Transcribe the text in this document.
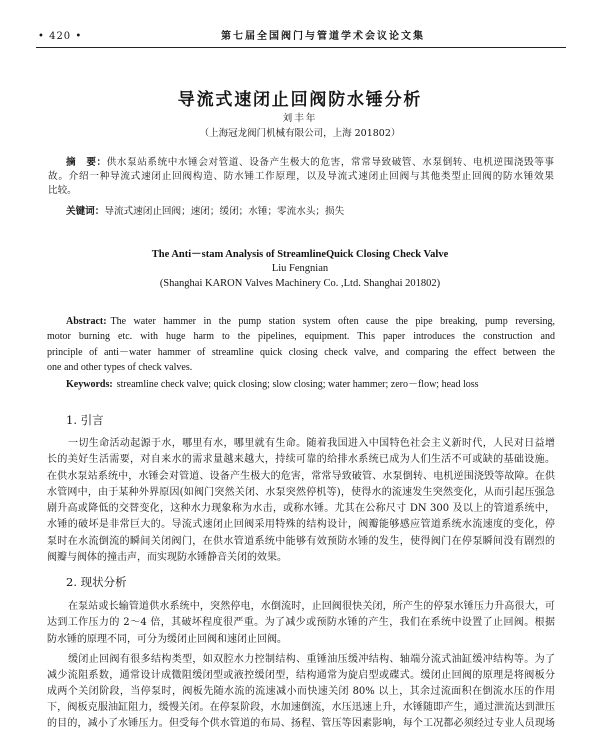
• 420 •	第七届全国阀门与管道学术会议论文集
导流式速闭止回阀防水锤分析
刘丰年
（上海冠龙阀门机械有限公司，上海 201802）
摘　要：供水泵站系统中水锤会对管道、设备产生极大的危害，常常导致破管、水泵倒转、电机逆围浇毁等事
故。介绍一种导流式速闭止回阀构造、防水锤工作原理，以及导流式速闭止回阀与其他类型止回阀的防水锤效果
比较。
关键词：导流式速闭止回阀；速闭；缓闭；水锤；零流水头；损失
The Anti－stam Analysis of StreamlineQuick Closing Check Valve
Liu Fengnian
(Shanghai KARON Valves Machinery Co. ,Ltd. Shanghai 201802)
Abstract: The water hammer in the pump station system often cause the pipe breaking, pump reversing,
motor burning etc. with huge harm to the pipelines, equipment. This paper introduces the construction and
principle of anti－water hammer of streamline quick closing check valve, and comparing the effect between the
one and other types of check valves.
Keywords: streamline check valve; quick closing; slow closing; water hammer; zero－flow; head loss
1. 引言
一切生命活动起源于水，哪里有水，哪里就有生命。随着我国进入中国特色社会主义新时代，人民对日益增
长的美好生活需要，对自来水的需求量越来越大，持续可靠的给排水系统已成为人们生活不可或缺的基础设施。
在供水泵站系统中，水锤会对管道、设备产生极大的危害，常常导致破管、水泵倒转、电机逆围浇毁等故障。在供
水管网中，由于某种外界原因(如阀门突然关闭、水泵突然停机等)，使得水的流速发生突然变化，从而引起压强急
剧升高或降低的交替变化，这种水力现象称为水击，或称水锤。尤其在公称尺寸 DN 300 及以上的管道系统中，
水锤的破坏是非常巨大的。导流式速闭止回阀采用特殊的结构设计，阀瓣能够感应管道系统水流速度的变化，停
泵时在水流倒流的瞬间关闭阀门，在供水管道系统中能够有效预防水锤的发生，使得阀门在停泵瞬间没有剧烈的
阀瓣与阀体的撞击声，而实现防水锤静音关闭的效果。
2. 现状分析
在泵站或长输管道供水系统中，突然停电，水倒流时，止回阀很快关闭，所产生的停泵水锤压力升高很大，可
达到工作压力的 2～4 倍，其破坏程度很严重。为了减少或预防水锤的产生，我们在系统中设置了止回阀。根据
防水锤的原理不同，可分为缓闭止回阀和速闭止回阀。
缓闭止回阀有很多结构类型，如双腔水力控制结构、重锤油压缓冲结构、轴端分流式油缸缓冲结构等。为了
减少流阻系数，通常设计成微阻缓闭型或液控缓闭型，结构通常为旋启型或碟式。缓闭止回阀的原理是将阀板分
成两个关闭阶段，当停泵时，阀板先随水流的流速减小而快速关闭 80% 以上，其余过流面积在倒流水压的作用
下，阀板克服油缸阻力，缓慢关闭。在停泵阶段，水加速倒流，水压迅速上升，水锤随即产生，通过泄流达到泄压
的目的，减小了水锤压力。但受每个供水管道的布局、扬程、管压等因素影响，每个工况都必须经过专业人员现场
